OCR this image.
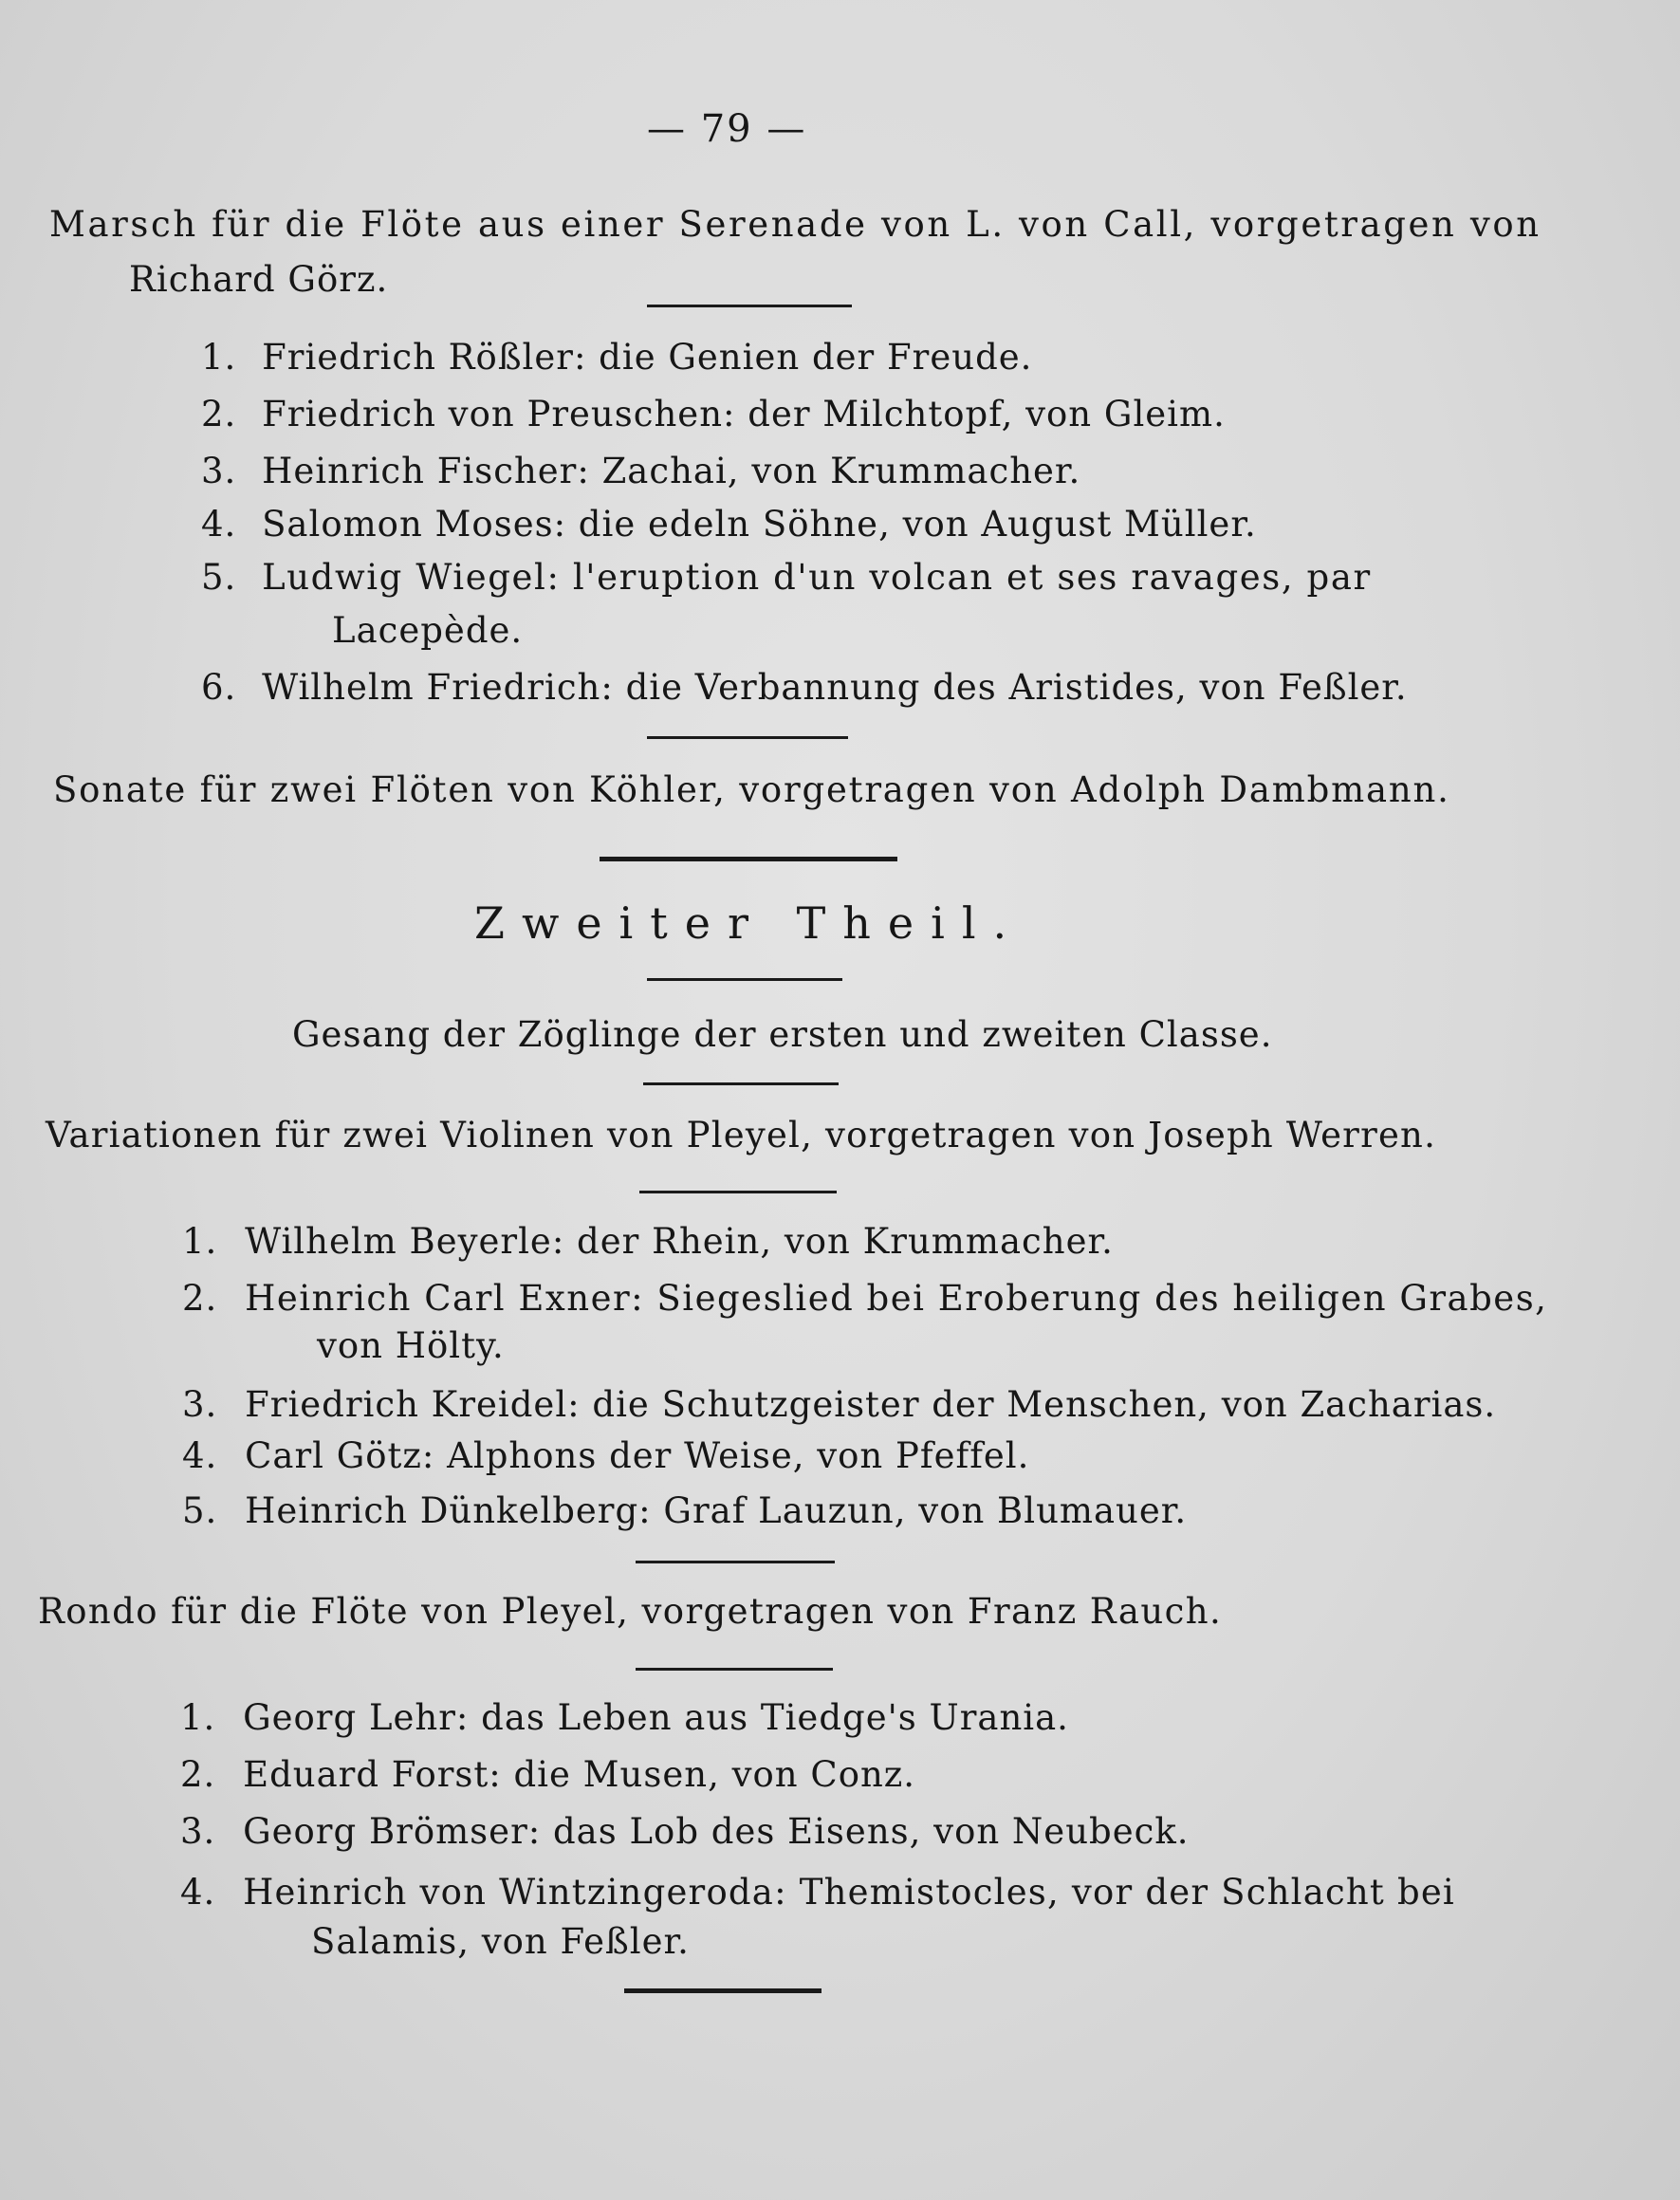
— 79 —
Marsch für die Flöte aus einer Serenade von L. von Call, vorgetragen von
Richard Görz.
1. Friedrich Rößler: die Genien der Freude.
2. Friedrich von Preuschen: der Milchtopf, von Gleim.
3. Heinrich Fischer: Zachai, von Krummacher.
4. Salomon Moses: die edeln Söhne, von August Müller.
5. Ludwig Wiegel: l'eruption d'un volcan et ses ravages, par
Lacepède.
6. Wilhelm Friedrich: die Verbannung des Aristides, von Feßler.
Sonate für zwei Flöten von Köhler, vorgetragen von Adolph Dambmann.
Zweiter Theil.
Gesang der Zöglinge der ersten und zweiten Classe.
Variationen für zwei Violinen von Pleyel, vorgetragen von Joseph Werren.
1. Wilhelm Beyerle: der Rhein, von Krummacher.
2. Heinrich Carl Exner: Siegeslied bei Eroberung des heiligen Grabes,
von Hölty.
3. Friedrich Kreidel: die Schutzgeister der Menschen, von Zacharias.
4. Carl Götz: Alphons der Weise, von Pfeffel.
5. Heinrich Dünkelberg: Graf Lauzun, von Blumauer.
Rondo für die Flöte von Pleyel, vorgetragen von Franz Rauch.
1. Georg Lehr: das Leben aus Tiedge's Urania.
2. Eduard Forst: die Musen, von Conz.
3. Georg Brömser: das Lob des Eisens, von Neubeck.
4. Heinrich von Wintzingeroda: Themistocles, vor der Schlacht bei
Salamis, von Feßler.
